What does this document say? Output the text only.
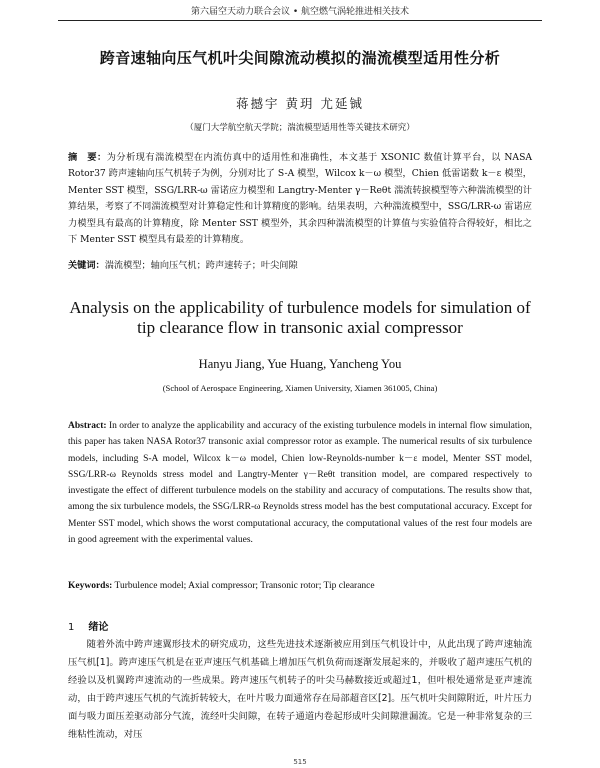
第六届空天动力联合会议 • 航空燃气涡轮推进相关技术
跨音速轴向压气机叶尖间隙流动模拟的湍流模型适用性分析
蒋撼宇 黄玥 尤延铖
（厦门大学航空航天学院；湍流模型适用性等关键技术研究）
摘　要：为分析现有湍流模型在内流仿真中的适用性和准确性，本文基于 XSONIC 数值计算平台，以 NASA Rotor37 跨声速轴向压气机转子为例，分别对比了 S-A 模型，Wilcox k－ω 模型，Chien 低雷诺数 k－ε 模型，Menter SST 模型，SSG/LRR-ω 雷诺应力模型和 Langtry-Menter γ－Reθt 湍流转捩模型等六种湍流模型的计算结果，考察了不同湍流模型对计算稳定性和计算精度的影响。结果表明，六种湍流模型中，SSG/LRR-ω 雷诺应力模型具有最高的计算精度，除 Menter SST 模型外，其余四种湍流模型的计算值与实验值符合得较好，相比之下 Menter SST 模型具有最差的计算精度。
关键词：湍流模型；轴向压气机；跨声速转子；叶尖间隙
Analysis on the applicability of turbulence models for simulation of tip clearance flow in transonic axial compressor
Hanyu Jiang, Yue Huang, Yancheng You
(School of Aerospace Engineering, Xiamen University, Xiamen 361005, China)
Abstract: In order to analyze the applicability and accuracy of the existing turbulence models in internal flow simulation, this paper has taken NASA Rotor37 transonic axial compressor rotor as example. The numerical results of six turbulence models, including S-A model, Wilcox k－ω model, Chien low-Reynolds-number k－ε model, Menter SST model, SSG/LRR-ω Reynolds stress model and Langtry-Menter γ－Reθt transition model, are compared respectively to investigate the effect of different turbulence models on the stability and accuracy of computations. The results show that, among the six turbulence models, the SSG/LRR-ω Reynolds stress model has the best computational accuracy. Except for Menter SST model, which shows the worst computational accuracy, the computational values of the rest four models are in good agreement with the experimental values.
Keywords: Turbulence model; Axial compressor; Transonic rotor; Tip clearance
1 绪论
随着外流中跨声速翼形技术的研究成功，这些先进技术逐渐被应用到压气机设计中，从此出现了跨声速轴流压气机[1]。跨声速压气机是在亚声速压气机基础上增加压气机负荷而逐渐发展起来的，并吸收了超声速压气机的经验以及机翼跨声速流动的一些成果。跨声速压气机转子的叶尖马赫数接近或超过1，但叶根处通常是亚声速流动，由于跨声速压气机的气流折转较大，在叶片吸力面通常存在局部超音区[2]。压气机叶尖间隙附近，叶片压力面与吸力面压差驱动部分气流，流经叶尖间隙，在转子通道内卷起形成叶尖间隙泄漏流。它是一种非常复杂的三维粘性流动，对压
515
